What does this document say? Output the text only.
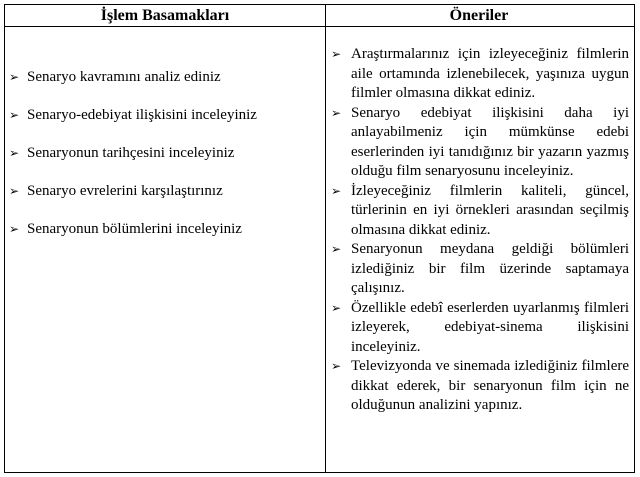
İşlem Basamakları	Öneriler
➢ Senaryo kavramını analiz ediniz
➢ Senaryo-edebiyat ilişkisini inceleyiniz
➢ Senaryonun tarihçesini inceleyiniz
➢ Senaryo evrelerini karşılaştırınız
➢ Senaryonun bölümlerini inceleyiniz
➢ Araştırmalarınız için izleyeceğiniz filmlerin aile ortamında izlenebilecek, yaşınıza uygun filmler olmasına dikkat ediniz.
➢ Senaryo edebiyat ilişkisini daha iyi anlayabilmeniz için mümkünse edebi eserlerinden iyi tanıdığınız bir yazarın yazmış olduğu film senaryosunu inceleyiniz.
➢ İzleyeceğiniz filmlerin kaliteli, güncel, türlerinin en iyi örnekleri arasından seçilmiş olmasına dikkat ediniz.
➢ Senaryonun meydana geldiği bölümleri izlediğiniz bir film üzerinde saptamaya çalışınız.
➢ Özellikle edebî eserlerden uyarlanmış filmleri izleyerek, edebiyat-sinema ilişkisini inceleyiniz.
➢ Televizyonda ve sinemada izlediğiniz filmlere dikkat ederek, bir senaryonun film için ne olduğunun analizini yapınız.
